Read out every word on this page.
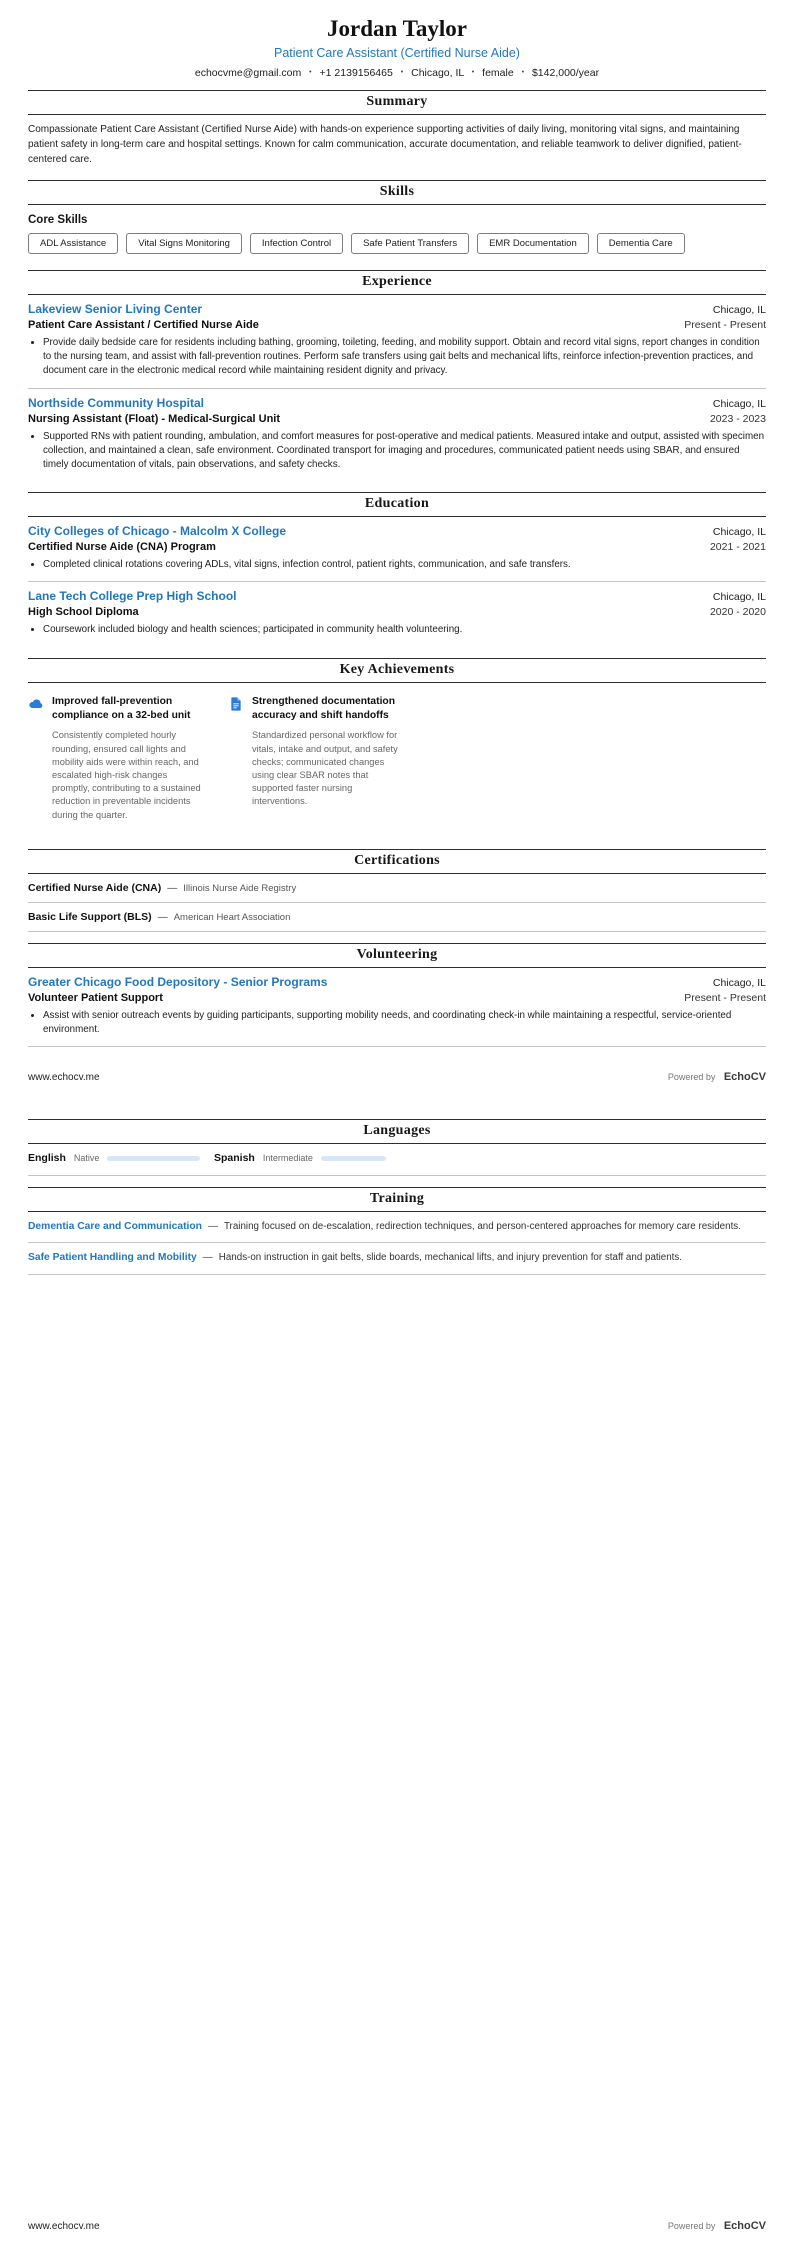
Jordan Taylor
Patient Care Assistant (Certified Nurse Aide)
echocvme@gmail.com • +1 2139156465 • Chicago, IL • female • $142,000/year
Summary

Compassionate Patient Care Assistant (Certified Nurse Aide) with hands-on experience supporting activities of daily living, monitoring vital signs, and maintaining patient safety in long-term care and hospital settings. Known for calm communication, accurate documentation, and reliable teamwork to deliver dignified, patient-centered care.

Skills
Core Skills
ADL Assistance	Vital Signs Monitoring	Infection Control	Safe Patient Transfers	EMR Documentation	Dementia Care
Experience
Lakeview Senior Living Center	Chicago, IL
Patient Care Assistant / Certified Nurse Aide	Present - Present
• Provide daily bedside care for residents including bathing, grooming, toileting, feeding, and mobility support. Obtain and record vital signs, report changes in condition to the nursing team, and assist with fall-prevention routines. Perform safe transfers using gait belts and mechanical lifts, reinforce infection-prevention practices, and document care in the electronic medical record while maintaining resident dignity and privacy.
Northside Community Hospital	Chicago, IL
Nursing Assistant (Float) - Medical-Surgical Unit	2023 - 2023
• Supported RNs with patient rounding, ambulation, and comfort measures for post-operative and medical patients. Measured intake and output, assisted with specimen collection, and maintained a clean, safe environment. Coordinated transport for imaging and procedures, communicated patient needs using SBAR, and ensured timely documentation of vitals, pain observations, and safety checks.
Education
City Colleges of Chicago - Malcolm X College	Chicago, IL
Certified Nurse Aide (CNA) Program	2021 - 2021
• Completed clinical rotations covering ADLs, vital signs, infection control, patient rights, communication, and safe transfers.
Lane Tech College Prep High School	Chicago, IL
High School Diploma	2020 - 2020
• Coursework included biology and health sciences; participated in community health volunteering.
Key Achievements
Improved fall-prevention compliance on a 32-bed unit
Consistently completed hourly rounding, ensured call lights and mobility aids were within reach, and escalated high-risk changes promptly, contributing to a sustained reduction in preventable incidents during the quarter.
Strengthened documentation accuracy and shift handoffs
Standardized personal workflow for vitals, intake and output, and safety checks; communicated changes using clear SBAR notes that supported faster nursing interventions.
Certifications
Certified Nurse Aide (CNA) — Illinois Nurse Aide Registry
Basic Life Support (BLS) — American Heart Association
Volunteering
Greater Chicago Food Depository - Senior Programs	Chicago, IL
Volunteer Patient Support	Present - Present
• Assist with senior outreach events by guiding participants, supporting mobility needs, and coordinating check-in while maintaining a respectful, service-oriented environment.
www.echocv.me	Powered by EchoCV
Languages
English Native	Spanish Intermediate
Training
Dementia Care and Communication — Training focused on de-escalation, redirection techniques, and person-centered approaches for memory care residents.
Safe Patient Handling and Mobility — Hands-on instruction in gait belts, slide boards, mechanical lifts, and injury prevention for staff and patients.
www.echocv.me	Powered by EchoCV
